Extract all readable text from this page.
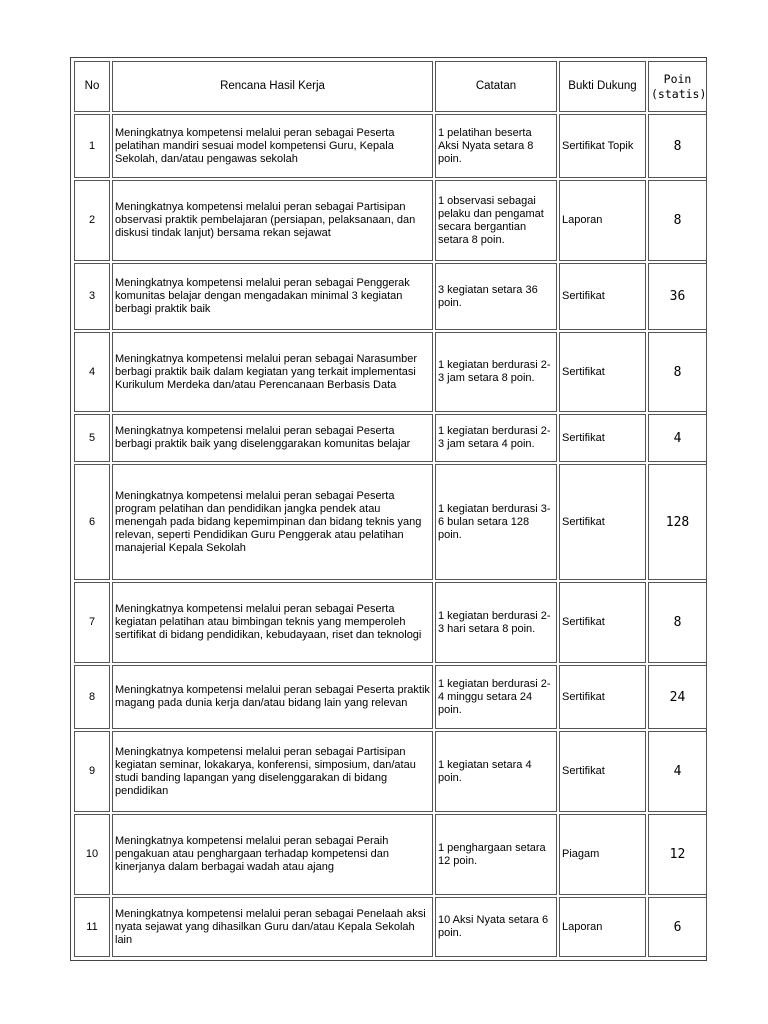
No	Rencana Hasil Kerja	Catatan	Bukti Dukung	Poin (statis)
1	Meningkatnya kompetensi melalui peran sebagai Peserta pelatihan mandiri sesuai model kompetensi Guru, Kepala Sekolah, dan/atau pengawas sekolah	1 pelatihan beserta Aksi Nyata setara 8 poin.	Sertifikat Topik	8
2	Meningkatnya kompetensi melalui peran sebagai Partisipan observasi praktik pembelajaran (persiapan, pelaksanaan, dan diskusi tindak lanjut) bersama rekan sejawat	1 observasi sebagai pelaku dan pengamat secara bergantian setara 8 poin.	Laporan	8
3	Meningkatnya kompetensi melalui peran sebagai Penggerak komunitas belajar dengan mengadakan minimal 3 kegiatan berbagi praktik baik	3 kegiatan setara 36 poin.	Sertifikat	36
4	Meningkatnya kompetensi melalui peran sebagai Narasumber berbagi praktik baik dalam kegiatan yang terkait implementasi Kurikulum Merdeka dan/atau Perencanaan Berbasis Data	1 kegiatan berdurasi 2-3 jam setara 8 poin.	Sertifikat	8
5	Meningkatnya kompetensi melalui peran sebagai Peserta berbagi praktik baik yang diselenggarakan komunitas belajar	1 kegiatan berdurasi 2-3 jam setara 4 poin.	Sertifikat	4
6	Meningkatnya kompetensi melalui peran sebagai Peserta program pelatihan dan pendidikan jangka pendek atau menengah pada bidang kepemimpinan dan bidang teknis yang relevan, seperti Pendidikan Guru Penggerak atau pelatihan manajerial Kepala Sekolah	1 kegiatan berdurasi 3-6 bulan setara 128 poin.	Sertifikat	128
7	Meningkatnya kompetensi melalui peran sebagai Peserta kegiatan pelatihan atau bimbingan teknis yang memperoleh sertifikat di bidang pendidikan, kebudayaan, riset dan teknologi	1 kegiatan berdurasi 2-3 hari setara 8 poin.	Sertifikat	8
8	Meningkatnya kompetensi melalui peran sebagai Peserta praktik magang pada dunia kerja dan/atau bidang lain yang relevan	1 kegiatan berdurasi 2-4 minggu setara 24 poin.	Sertifikat	24
9	Meningkatnya kompetensi melalui peran sebagai Partisipan kegiatan seminar, lokakarya, konferensi, simposium, dan/atau studi banding lapangan yang diselenggarakan di bidang pendidikan	1 kegiatan setara 4 poin.	Sertifikat	4
10	Meningkatnya kompetensi melalui peran sebagai Peraih pengakuan atau penghargaan terhadap kompetensi dan kinerjanya dalam berbagai wadah atau ajang	1 penghargaan setara 12 poin.	Piagam	12
11	Meningkatnya kompetensi melalui peran sebagai Penelaah aksi nyata sejawat yang dihasilkan Guru dan/atau Kepala Sekolah lain	10 Aksi Nyata setara 6 poin.	Laporan	6
